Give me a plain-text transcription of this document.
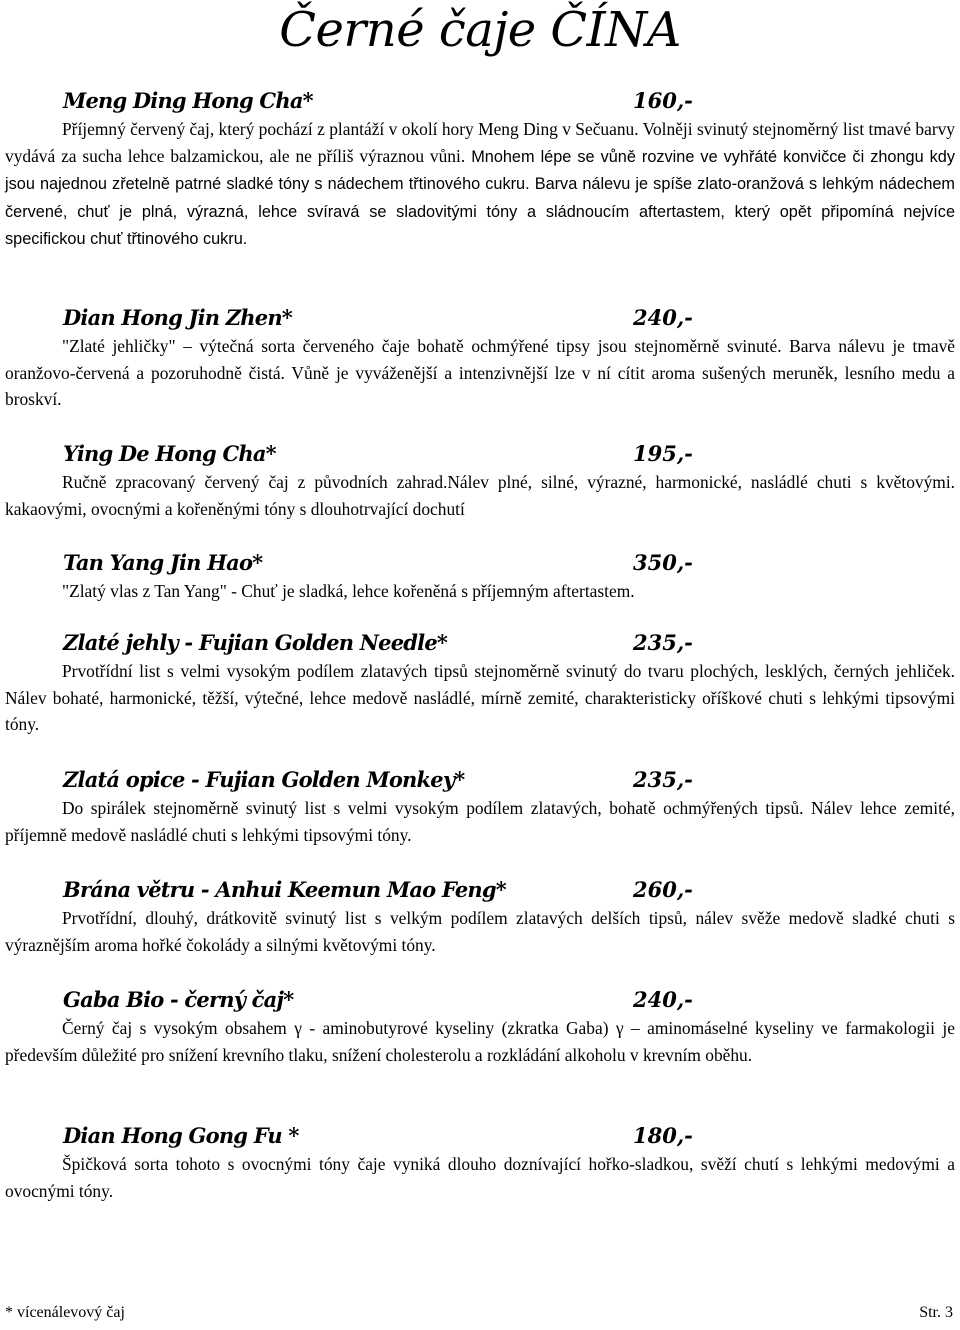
Černé čaje ČÍNA
Meng Ding Hong Cha*	160,-

Příjemný červený čaj, který pochází z plantáží v okolí hory Meng Ding v Sečuanu. Volněji svinutý stejnoměrný list tmavé barvy vydává za sucha lehce balzamickou, ale ne příliš výraznou vůni. Mnohem lépe se vůně rozvine ve vyhřáté konvičce či zhongu kdy jsou najednou zřetelně patrné sladké tóny s nádechem třtinového cukru. Barva nálevu je spíše zlato-oranžová s lehkým nádechem červené, chuť je plná, výrazná, lehce svíravá se sladovitými tóny a sládnoucím aftertastem, který opět připomíná nejvíce specifickou chuť třtinového cukru.

Dian Hong Jin Zhen*	240,-

"Zlaté jehličky" – výtečná sorta červeného čaje bohatě ochmýřené tipsy jsou stejnoměrně svinuté. Barva nálevu je tmavě oranžovo-červená a pozoruhodně čistá. Vůně je vyváženější a intenzivnější lze v ní cítit aroma sušených meruněk, lesního medu a broskví.

Ying De Hong Cha*	195,-

Ručně zpracovaný červený čaj z původních zahrad.Nálev plné, silné, výrazné, harmonické, nasládlé chuti s květovými. kakaovými, ovocnými a kořeněnými tóny s dlouhotrvající dochutí

Tan Yang Jin Hao*	350,-

"Zlatý vlas z Tan Yang" - Chuť je sladká, lehce kořeněná s příjemným aftertastem.

Zlaté jehly - Fujian Golden Needle*	235,-

Prvotřídní list s velmi vysokým podílem zlatavých tipsů stejnoměrně svinutý do tvaru plochých, lesklých, černých jehliček. Nálev bohaté, harmonické, těžší, výtečné, lehce medově nasládlé, mírně zemité, charakteristicky oříškové chuti s lehkými tipsovými tóny.

Zlatá opice - Fujian Golden Monkey*	235,-

Do spirálek stejnoměrně svinutý list s velmi vysokým podílem zlatavých, bohatě ochmýřených tipsů. Nálev lehce zemité, příjemně medově nasládlé chuti s lehkými tipsovými tóny.

Brána větru - Anhui Keemun Mao Feng*	260,-

Prvotřídní, dlouhý, drátkovitě svinutý list s velkým podílem zlatavých delších tipsů, nálev svěže medově sladké chuti s výraznějším aroma hořké čokolády a silnými květovými tóny.

Gaba Bio - černý čaj*	240,-

Černý čaj s vysokým obsahem γ - aminobutyrové kyseliny (zkratka Gaba) γ – aminomáselné kyseliny ve farmakologii je především důležité pro snížení krevního tlaku, snížení cholesterolu a rozkládání alkoholu v krevním oběhu.

Dian Hong Gong Fu *	180,-

Špičková sorta tohoto s ovocnými tóny čaje vyniká dlouho doznívající hořko-sladkou, svěží chutí s lehkými medovými a ovocnými tóny.

* vícenálevový čaj	Str. 3
